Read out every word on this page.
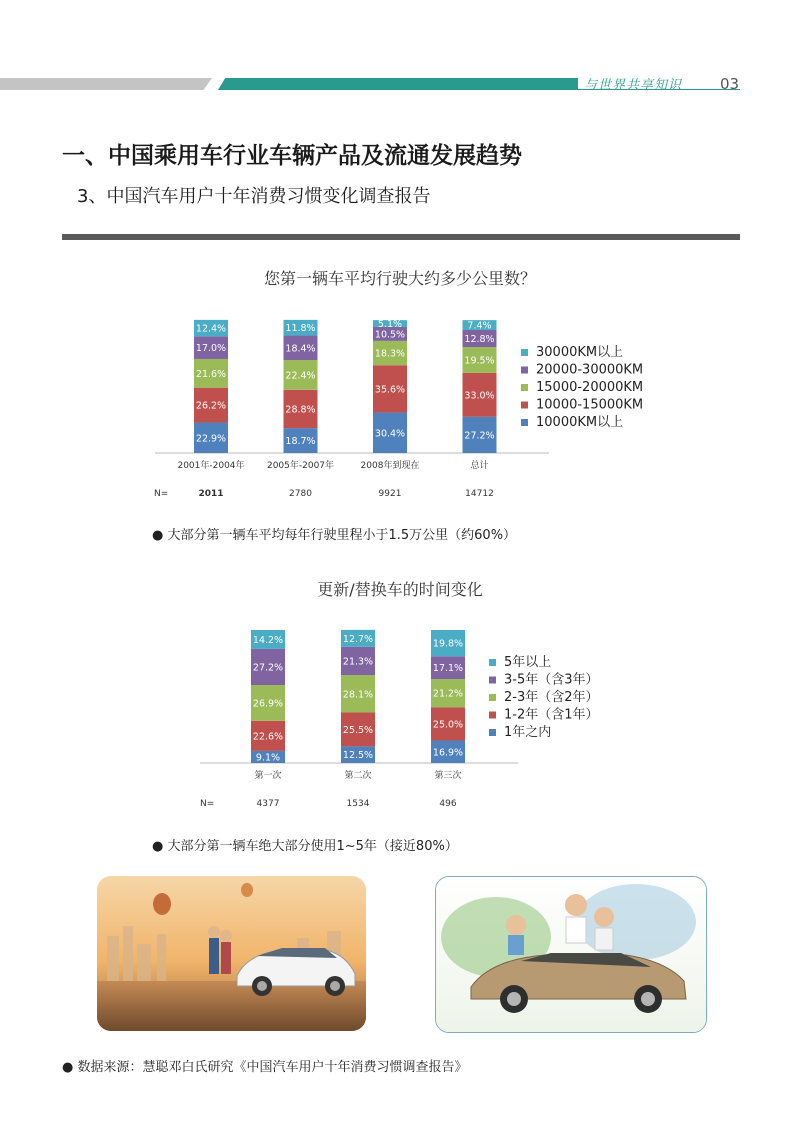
与世界共享知识	03
一、中国乘用车行业车辆产品及流通发展趋势
3、中国汽车用户十年消费习惯变化调查报告
您第一辆车平均行驶大约多少公里数？
22.9%
26.2%
21.6%
17.0%
12.4%
2001年-2004年
2011
18.7%
28.8%
22.4%
18.4%
11.8%
2005年-2007年
2780
30.4%
35.6%
18.3%
10.5%
5.1%
2008年到现在
9921
27.2%
33.0%
19.5%
12.8%
7.4%
总计
14712
N=
30000KM以上
20000-30000KM
15000-20000KM
10000-15000KM
10000KM以上
● 大部分第一辆车平均每年行驶里程小于1.5万公里（约60%）
更新/替换车的时间变化
9.1%
22.6%
26.9%
27.2%
14.2%
第一次
4377
12.5%
25.5%
28.1%
21.3%
12.7%
第二次
1534
16.9%
25.0%
21.2%
17.1%
19.8%
第三次
496
N=
5年以上
3-5年（含3年）
2-3年（含2年）
1-2年（含1年）
1年之内
● 大部分第一辆车绝大部分使用1~5年（接近80%）
● 数据来源：慧聪邓白氏研究《中国汽车用户十年消费习惯调查报告》
